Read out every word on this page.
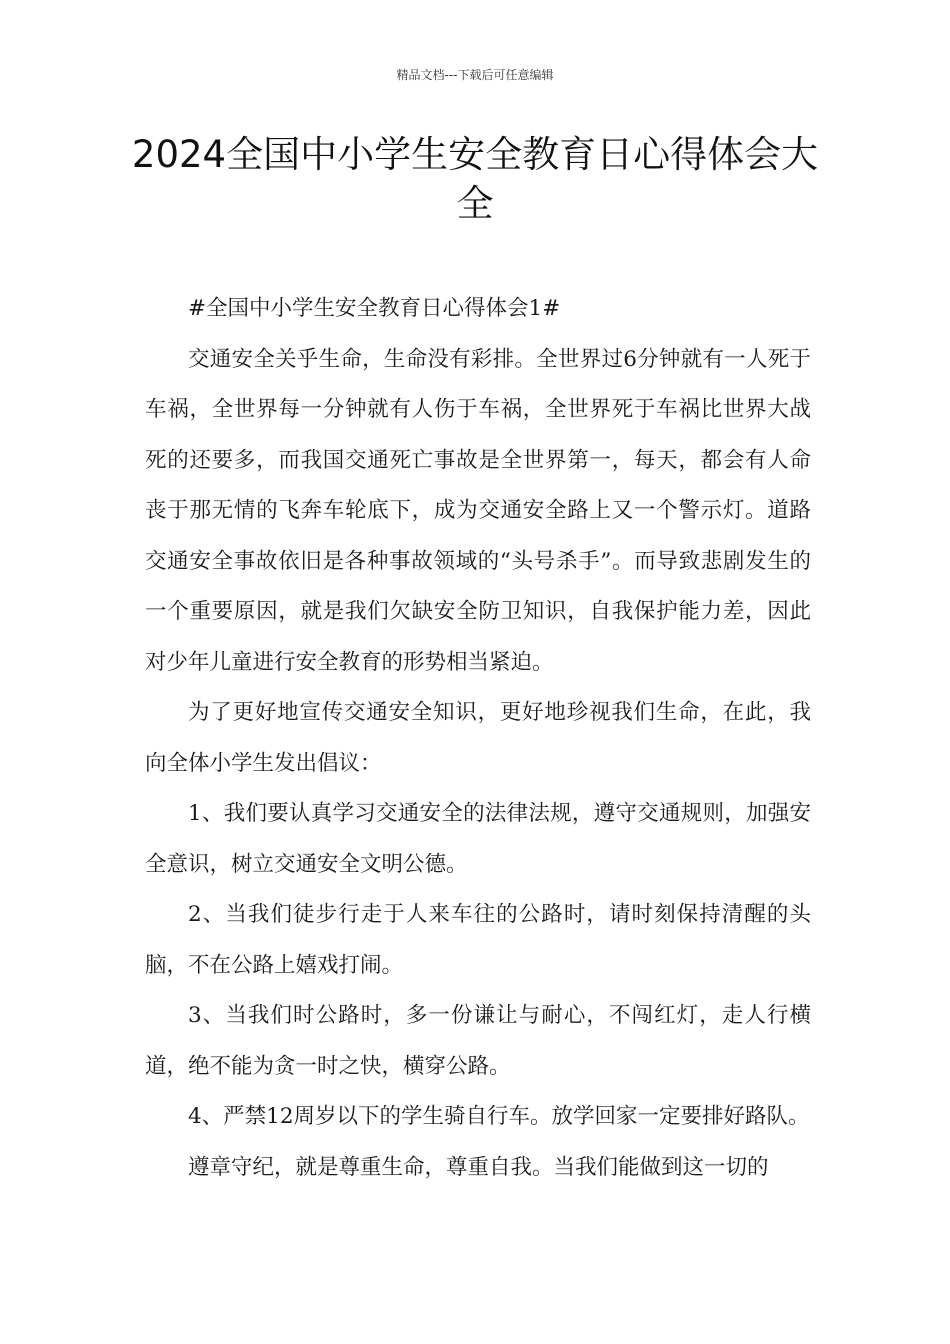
精品文档---下载后可任意编辑
2024全国中小学生安全教育日心得体会大全

#全国中小学生安全教育日心得体会1#

交通安全关乎生命，生命没有彩排。全世界过6分钟就有一人死于车祸，全世界每一分钟就有人伤于车祸，全世界死于车祸比世界大战死的还要多，而我国交通死亡事故是全世界第一，每天，都会有人命丧于那无情的飞奔车轮底下，成为交通安全路上又一个警示灯。道路交通安全事故依旧是各种事故领域的“头号杀手”。而导致悲剧发生的一个重要原因，就是我们欠缺安全防卫知识，自我保护能力差，因此对少年儿童进行安全教育的形势相当紧迫。

为了更好地宣传交通安全知识，更好地珍视我们生命，在此，我向全体小学生发出倡议：

1、我们要认真学习交通安全的法律法规，遵守交通规则，加强安全意识，树立交通安全文明公德。

2、当我们徒步行走于人来车往的公路时，请时刻保持清醒的头脑，不在公路上嬉戏打闹。

3、当我们时公路时，多一份谦让与耐心，不闯红灯，走人行横道，绝不能为贪一时之快，横穿公路。

4、严禁12周岁以下的学生骑自行车。放学回家一定要排好路队。

遵章守纪，就是尊重生命，尊重自我。当我们能做到这一切的
